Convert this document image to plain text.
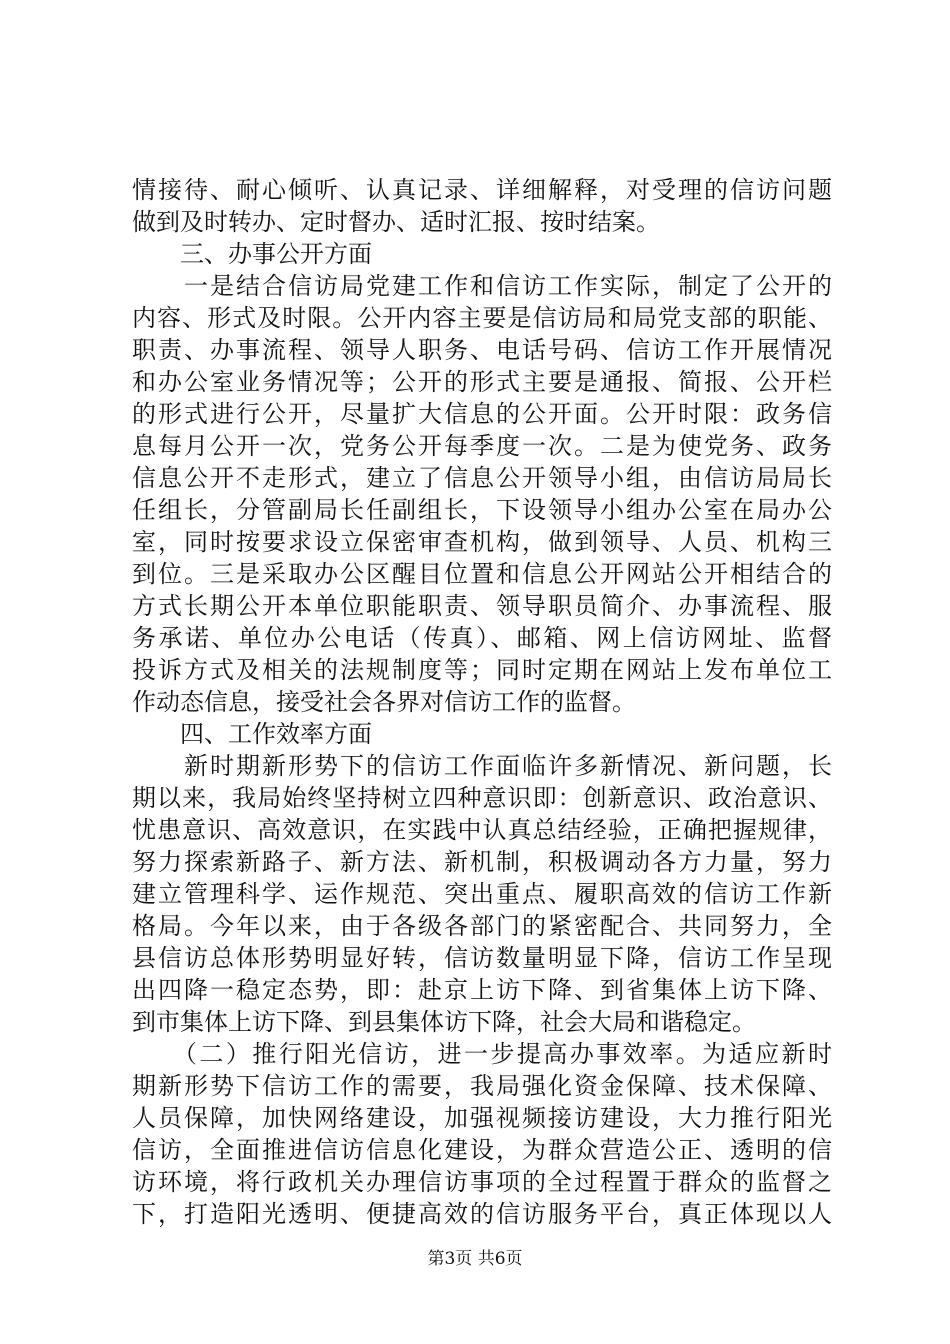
情接待、耐心倾听、认真记录、详细解释，对受理的信访问题
做到及时转办、定时督办、适时汇报、按时结案。
　　三、办事公开方面
　　一是结合信访局党建工作和信访工作实际，制定了公开的
内容、形式及时限。公开内容主要是信访局和局党支部的职能、
职责、办事流程、领导人职务、电话号码、信访工作开展情况
和办公室业务情况等；公开的形式主要是通报、简报、公开栏
的形式进行公开，尽量扩大信息的公开面。公开时限：政务信
息每月公开一次，党务公开每季度一次。二是为使党务、政务
信息公开不走形式，建立了信息公开领导小组，由信访局局长
任组长，分管副局长任副组长，下设领导小组办公室在局办公
室，同时按要求设立保密审查机构，做到领导、人员、机构三
到位。三是采取办公区醒目位置和信息公开网站公开相结合的
方式长期公开本单位职能职责、领导职员简介、办事流程、服
务承诺、单位办公电话（传真）、邮箱、网上信访网址、监督
投诉方式及相关的法规制度等；同时定期在网站上发布单位工
作动态信息，接受社会各界对信访工作的监督。
　　四、工作效率方面
　　新时期新形势下的信访工作面临许多新情况、新问题，长
期以来，我局始终坚持树立四种意识即：创新意识、政治意识、
忧患意识、高效意识，在实践中认真总结经验，正确把握规律，
努力探索新路子、新方法、新机制，积极调动各方力量，努力
建立管理科学、运作规范、突出重点、履职高效的信访工作新
格局。今年以来，由于各级各部门的紧密配合、共同努力，全
县信访总体形势明显好转，信访数量明显下降，信访工作呈现
出四降一稳定态势，即：赴京上访下降、到省集体上访下降、
到市集体上访下降、到县集体访下降，社会大局和谐稳定。
　　（二）推行阳光信访，进一步提高办事效率。为适应新时
期新形势下信访工作的需要，我局强化资金保障、技术保障、
人员保障，加快网络建设，加强视频接访建设，大力推行阳光
信访，全面推进信访信息化建设，为群众营造公正、透明的信
访环境，将行政机关办理信访事项的全过程置于群众的监督之
下，打造阳光透明、便捷高效的信访服务平台，真正体现以人
第3页 共6页
